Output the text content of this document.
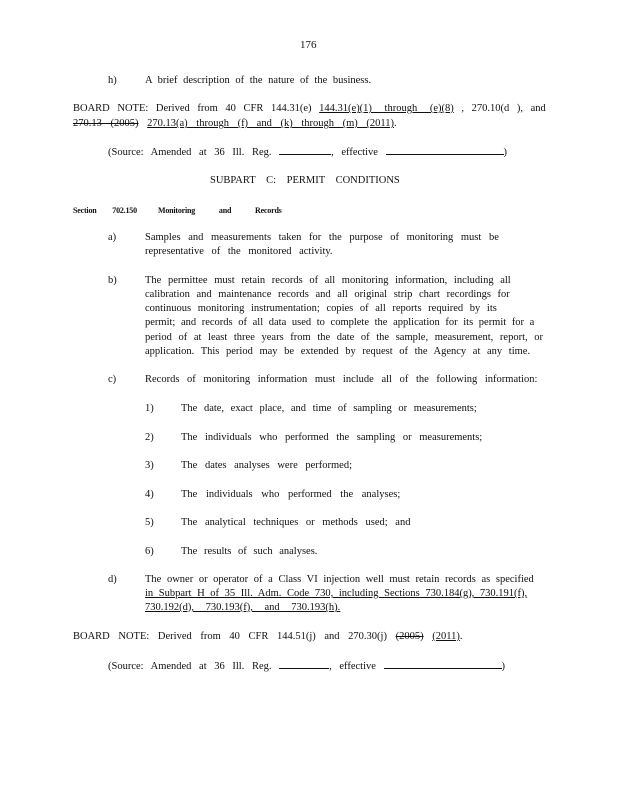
176
h)	A brief description of the nature of the business.
BOARD NOTE: Derived from 40 CFR 144.31(e) 144.31(e)(1) through (e)(8) , 270.10(d ), and
270.13 (2005) 270.13(a) through (f) and (k) through (m) (2011).
(Source: Amended at 36 Ill. Reg.	, effective	)
SUBPART C: PERMIT CONDITIONS
Section 702.150	Monitoring and Records
a)	Samples and measurements taken for the purpose of monitoring must be
representative of the monitored activity.
b)	The permittee must retain records of all monitoring information, including all
calibration and maintenance records and all original strip chart recordings for
continuous monitoring instrumentation; copies of all reports required by its
permit; and records of all data used to complete the application for its permit for a
period of at least three years from the date of the sample, measurement, report, or
application. This period may be extended by request of the Agency at any time.
c)	Records of monitoring information must include all of the following information:
1)	The date, exact place, and time of sampling or measurements;
2)	The individuals who performed the sampling or measurements;
3)	The dates analyses were performed;
4)	The individuals who performed the analyses;
5)	The analytical techniques or methods used; and
6)	The results of such analyses.
d)	The owner or operator of a Class VI injection well must retain records as specified
in Subpart H of 35 Ill. Adm. Code 730, including Sections 730.184(g), 730.191(f),
730.192(d), 730.193(f), and 730.193(h).
BOARD NOTE: Derived from 40 CFR 144.51(j) and 270.30(j) (2005) (2011).
(Source: Amended at 36 Ill. Reg.	, effective	)
